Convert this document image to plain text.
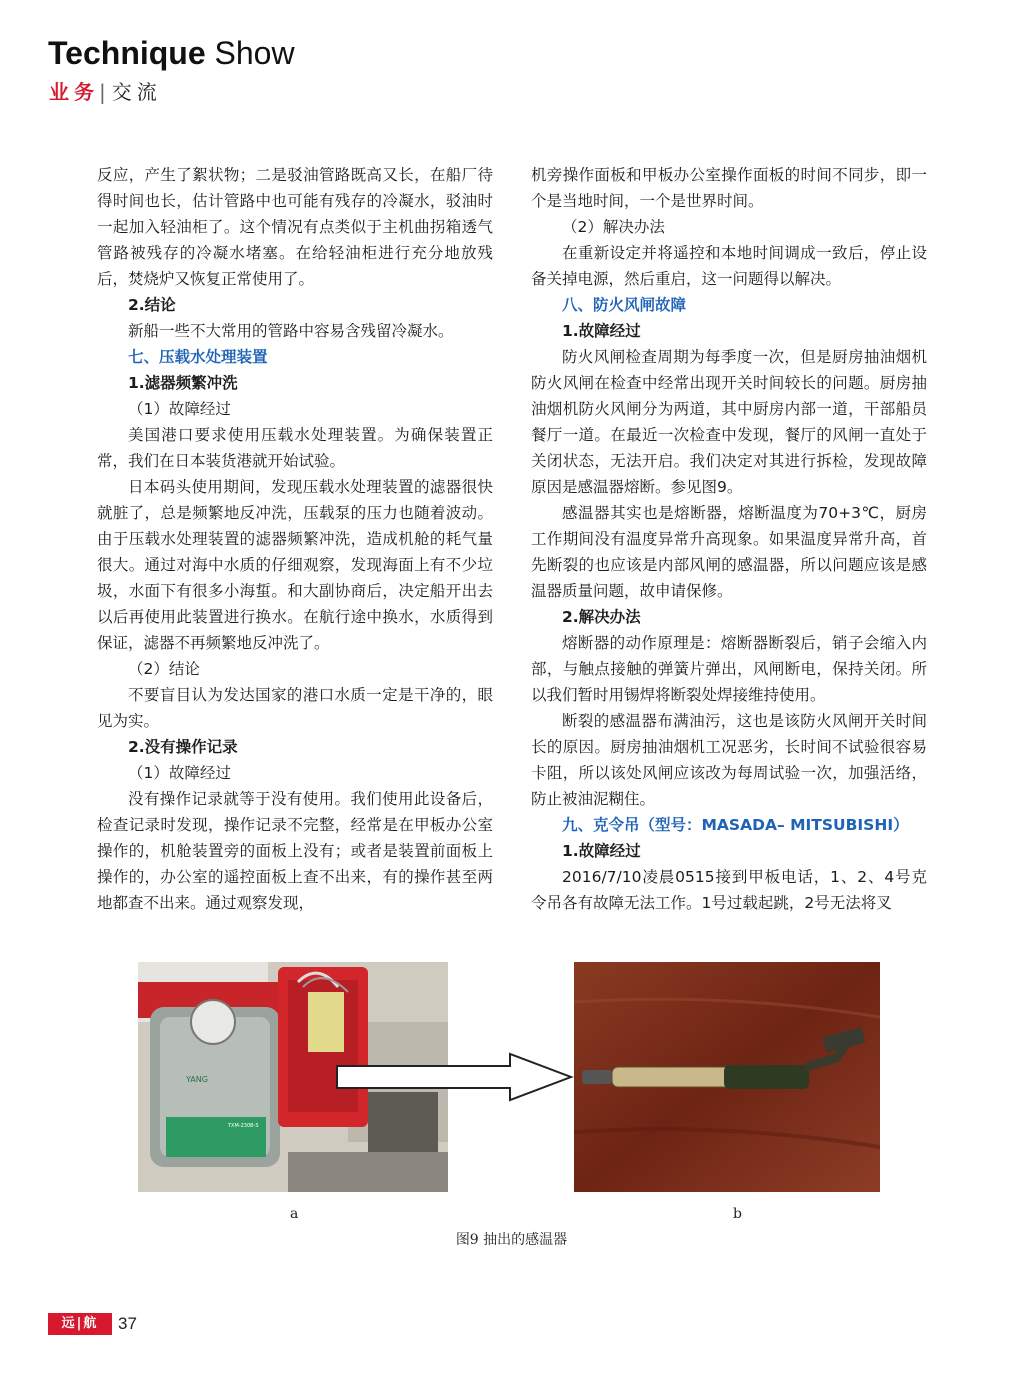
Technique Show
业务| 交流

反应，产生了絮状物；二是驳油管路既高又长，在船厂待得时间也长，估计管路中也可能有残存的冷凝水，驳油时一起加入轻油柜了。这个情况有点类似于主机曲拐箱透气管路被残存的冷凝水堵塞。在给轻油柜进行充分地放残后，焚烧炉又恢复正常使用了。

2.结论

新船一些不大常用的管路中容易含残留冷凝水。

七、压载水处理装置

1.滤器频繁冲洗

（1）故障经过

美国港口要求使用压载水处理装置。为确保装置正常，我们在日本装货港就开始试验。

日本码头使用期间，发现压载水处理装置的滤器很快就脏了，总是频繁地反冲洗，压载泵的压力也随着波动。由于压载水处理装置的滤器频繁冲洗，造成机舱的耗气量很大。通过对海中水质的仔细观察，发现海面上有不少垃圾，水面下有很多小海蜇。和大副协商后，决定船开出去以后再使用此装置进行换水。在航行途中换水，水质得到保证，滤器不再频繁地反冲洗了。

（2）结论

不要盲目认为发达国家的港口水质一定是干净的，眼见为实。

2.没有操作记录

（1）故障经过

没有操作记录就等于没有使用。我们使用此设备后，检查记录时发现，操作记录不完整，经常是在甲板办公室操作的，机舱装置旁的面板上没有；或者是装置前面板上操作的，办公室的遥控面板上查不出来，有的操作甚至两地都查不出来。通过观察发现，

机旁操作面板和甲板办公室操作面板的时间不同步，即一个是当地时间，一个是世界时间。

（2）解决办法

在重新设定并将遥控和本地时间调成一致后，停止设备关掉电源，然后重启，这一问题得以解决。

八、防火风闸故障

1.故障经过

防火风闸检查周期为每季度一次，但是厨房抽油烟机防火风闸在检查中经常出现开关时间较长的问题。厨房抽油烟机防火风闸分为两道，其中厨房内部一道，干部船员餐厅一道。在最近一次检查中发现，餐厅的风闸一直处于关闭状态，无法开启。我们决定对其进行拆检，发现故障原因是感温器熔断。参见图9。

感温器其实也是熔断器，熔断温度为70+3℃，厨房工作期间没有温度异常升高现象。如果温度异常升高，首先断裂的也应该是内部风闸的感温器，所以问题应该是感温器质量问题，故申请保修。

2.解决办法

熔断器的动作原理是：熔断器断裂后，销子会缩入内部，与触点接触的弹簧片弹出，风闸断电，保持关闭。所以我们暂时用锡焊将断裂处焊接维持使用。

断裂的感温器布满油污，这也是该防火风闸开关时间长的原因。厨房抽油烟机工况恶劣，长时间不试验很容易卡阻，所以该处风闸应该改为每周试验一次，加强活络，防止被油泥糊住。

九、克令吊（型号：MASADA– MITSUBISHI）

1.故障经过

2016/7/10凌晨0515接到甲板电话，1、2、4号克令吊各有故障无法工作。1号过载起跳，2号无法将叉

YANG
TXM-230B-S
a	b
图9 抽出的感温器
远|航	37
